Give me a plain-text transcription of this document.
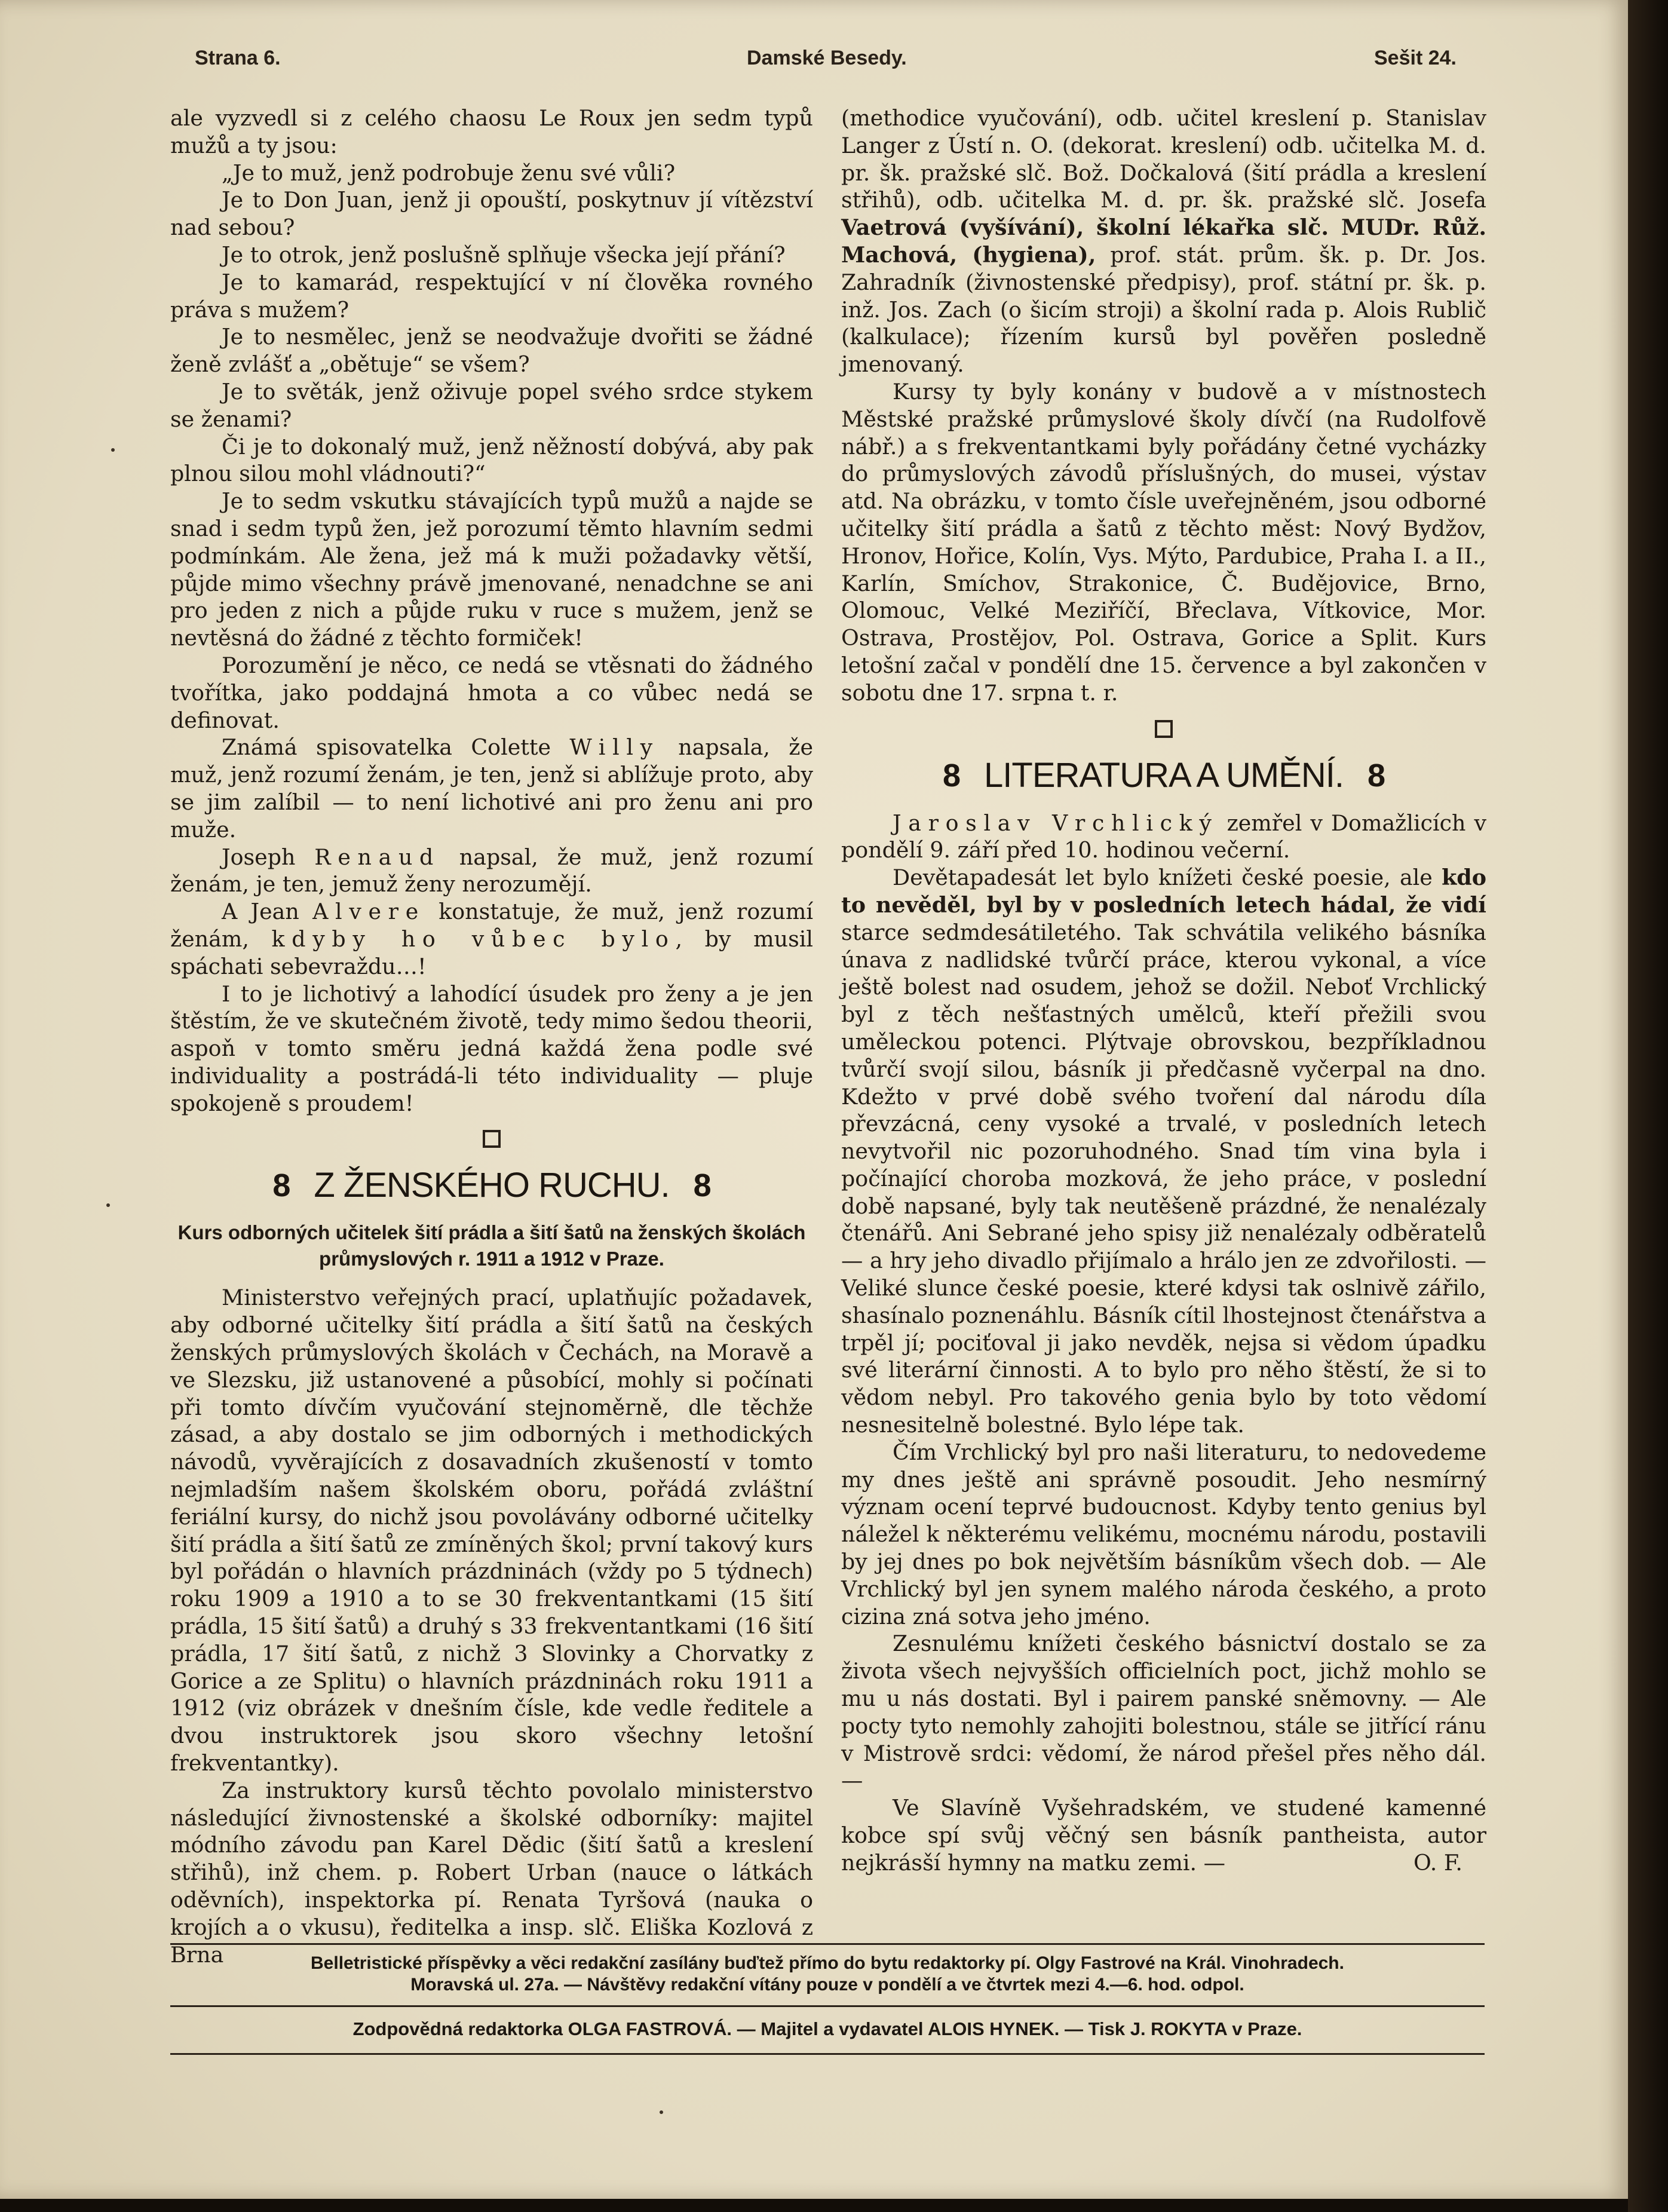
Strana 6.	Damské Besedy.	Sešit 24.

ale vyzvedl si z celého chaosu Le Roux jen sedm typů mužů a ty jsou:

„Je to muž, jenž podrobuje ženu své vůli?

Je to Don Juan, jenž ji opouští, poskytnuv jí vítězství nad sebou?

Je to otrok, jenž poslušně splňuje všecka její přání?

Je to kamarád, respektující v ní člověka rovného práva s mužem?

Je to nesmělec, jenž se neodvažuje dvořiti se žádné ženě zvlášť a „obětuje“ se všem?

Je to světák, jenž oživuje popel svého srdce stykem se ženami?

Či je to dokonalý muž, jenž něžností dobývá, aby pak plnou silou mohl vládnouti?“

Je to sedm vskutku stávajících typů mužů a najde se snad i sedm typů žen, jež porozumí těmto hlavním sedmi podmínkám. Ale žena, jež má k muži požadavky větší, půjde mimo všechny právě jmenované, nenadchne se ani pro jeden z nich a půjde ruku v ruce s mužem, jenž se nevtěsná do žádné z těchto formiček!

Porozumění je něco, ce nedá se vtěsnati do žádného tvořítka, jako poddajná hmota a co vůbec nedá se definovat.

Známá spisovatelka Colette Willy napsala, že muž, jenž rozumí ženám, je ten, jenž si ablížuje proto, aby se jim zalíbil — to není lichotivé ani pro ženu ani pro muže.

Joseph Renaud napsal, že muž, jenž rozumí ženám, je ten, jemuž ženy nerozumějí.

A Jean Alvere konstatuje, že muž, jenž rozumí ženám, kdyby ho vůbec bylo, by musil spáchati sebevraždu…!

I to je lichotivý a lahodící úsudek pro ženy a je jen štěstím, že ve skutečném životě, tedy mimo šedou theorii, aspoň v tomto směru jedná každá žena podle své individuality a postrádá-li této individuality — pluje spokojeně s proudem!

8 Z ŽENSKÉHO RUCHU. 8
Kurs odborných učitelek šití prádla a šití šatů na ženských školách průmyslových r. 1911 a 1912 v Praze.

Ministerstvo veřejných prací, uplatňujíc požadavek, aby odborné učitelky šití prádla a šití šatů na českých ženských průmyslových školách v Čechách, na Moravě a ve Slezsku, již ustanovené a působící, mohly si počínati při tomto dívčím vyučování stejnoměrně, dle těchže zásad, a aby dostalo se jim odborných i methodických návodů, vyvěrajících z dosavadních zkušeností v tomto nejmladším našem školském oboru, pořádá zvláštní feriální kursy, do nichž jsou povolávány odborné učitelky šití prádla a šití šatů ze zmíněných škol; první takový kurs byl pořádán o hlavních prázdninách (vždy po 5 týdnech) roku 1909 a 1910 a to se 30 frekventantkami (15 šití prádla, 15 šití šatů) a druhý s 33 frekventantkami (16 šití prádla, 17 šití šatů, z nichž 3 Slovinky a Chorvatky z Gorice a ze Splitu) o hlavních prázdninách roku 1911 a 1912 (viz obrázek v dnešním čísle, kde vedle ředitele a dvou instruktorek jsou skoro všechny letošní frekventantky).

Za instruktory kursů těchto povolalo ministerstvo následující živnostenské a školské odborníky: majitel módního závodu pan Karel Dědic (šití šatů a kreslení střihů), inž chem. p. Robert Urban (nauce o látkách oděvních), inspektorka pí. Renata Tyršová (nauka o krojích a o vkusu), ředitelka a insp. slč. Eliška Kozlová z Brna

(methodice vyučování), odb. učitel kreslení p. Stanislav Langer z Ústí n. O. (dekorat. kreslení) odb. učitelka M. d. pr. šk. pražské slč. Bož. Dočkalová (šití prádla a kreslení střihů), odb. učitelka M. d. pr. šk. pražské slč. Josefa Vaetrová (vyšívání), školní lékařka slč. MUDr. Růž. Machová, (hygiena), prof. stát. prům. šk. p. Dr. Jos. Zahradník (živnostenské předpisy), prof. státní pr. šk. p. inž. Jos. Zach (o šicím stroji) a školní rada p. Alois Rublič (kalkulace); řízením kursů byl pověřen posledně jmenovaný.

Kursy ty byly konány v budově a v místnostech Městské pražské průmyslové školy dívčí (na Rudolfově nábř.) a s frekventantkami byly pořádány četné vycházky do průmyslových závodů příslušných, do musei, výstav atd. Na obrázku, v tomto čísle uveřejněném, jsou odborné učitelky šití prádla a šatů z těchto měst: Nový Bydžov, Hronov, Hořice, Kolín, Vys. Mýto, Pardubice, Praha I. a II., Karlín, Smíchov, Strakonice, Č. Budějovice, Brno, Olomouc, Velké Meziříčí, Břeclava, Vítkovice, Mor. Ostrava, Prostějov, Pol. Ostrava, Gorice a Split. Kurs letošní začal v pondělí dne 15. července a byl zakončen v sobotu dne 17. srpna t. r.

8 LITERATURA A UMĚNÍ. 8

Jaroslav Vrchlický zemřel v Domažlicích v pondělí 9. září před 10. hodinou večerní.

Devětapadesát let bylo knížeti české poesie, ale kdo to nevěděl, byl by v posledních letech hádal, že vidí starce sedmdesátiletého. Tak schvátila velikého básníka únava z nadlidské tvůrčí práce, kterou vykonal, a více ještě bolest nad osudem, jehož se dožil. Neboť Vrchlický byl z těch nešťastných umělců, kteří přežili svou uměleckou potenci. Plýtvaje obrovskou, bezpříkladnou tvůrčí svojí silou, básník ji předčasně vyčerpal na dno. Kdežto v prvé době svého tvoření dal národu díla převzácná, ceny vysoké a trvalé, v posledních letech nevytvořil nic pozoruhodného. Snad tím vina byla i počínající choroba mozková, že jeho práce, v poslední době napsané, byly tak neutěšeně prázdné, že nenalézaly čtenářů. Ani Sebrané jeho spisy již nenalézaly odběratelů — a hry jeho divadlo přijímalo a hrálo jen ze zdvořilosti. — Veliké slunce české poesie, které kdysi tak oslnivě zářilo, shasínalo poznenáhlu. Básník cítil lhostejnost čtenářstva a trpěl jí; pociťoval ji jako nevděk, nejsa si vědom úpadku své literární činnosti. A to bylo pro něho štěstí, že si to vědom nebyl. Pro takového genia bylo by toto vědomí nesnesitelně bolestné. Bylo lépe tak.

Čím Vrchlický byl pro naši literaturu, to nedovedeme my dnes ještě ani správně posoudit. Jeho nesmírný význam ocení teprvé budoucnost. Kdyby tento genius byl náležel k některému velikému, mocnému národu, postavili by jej dnes po bok největším básníkům všech dob. — Ale Vrchlický byl jen synem malého národa českého, a proto cizina zná sotva jeho jméno.

Zesnulému knížeti českého básnictví dostalo se za života všech nejvyšších officielních poct, jichž mohlo se mu u nás dostati. Byl i pairem panské sněmovny. — Ale pocty tyto nemohly zahojiti bolestnou, stále se jitřící ránu v Mistrově srdci: vědomí, že národ přešel přes něho dál. —

Ve Slavíně Vyšehradském, ve studené kamenné kobce spí svůj věčný sen básník pantheista, autor nejkrásší hymny na matku zemi. —	O. F.

Belletristické příspěvky a věci redakční zasílány buďtež přímo do bytu redaktorky pí. Olgy Fastrové na Král. Vinohradech.
Moravská ul. 27a. — Návštěvy redakční vítány pouze v pondělí a ve čtvrtek mezi 4.—6. hod. odpol.
Zodpovědná redaktorka OLGA FASTROVÁ. — Majitel a vydavatel ALOIS HYNEK. — Tisk J. ROKYTA v Praze.
